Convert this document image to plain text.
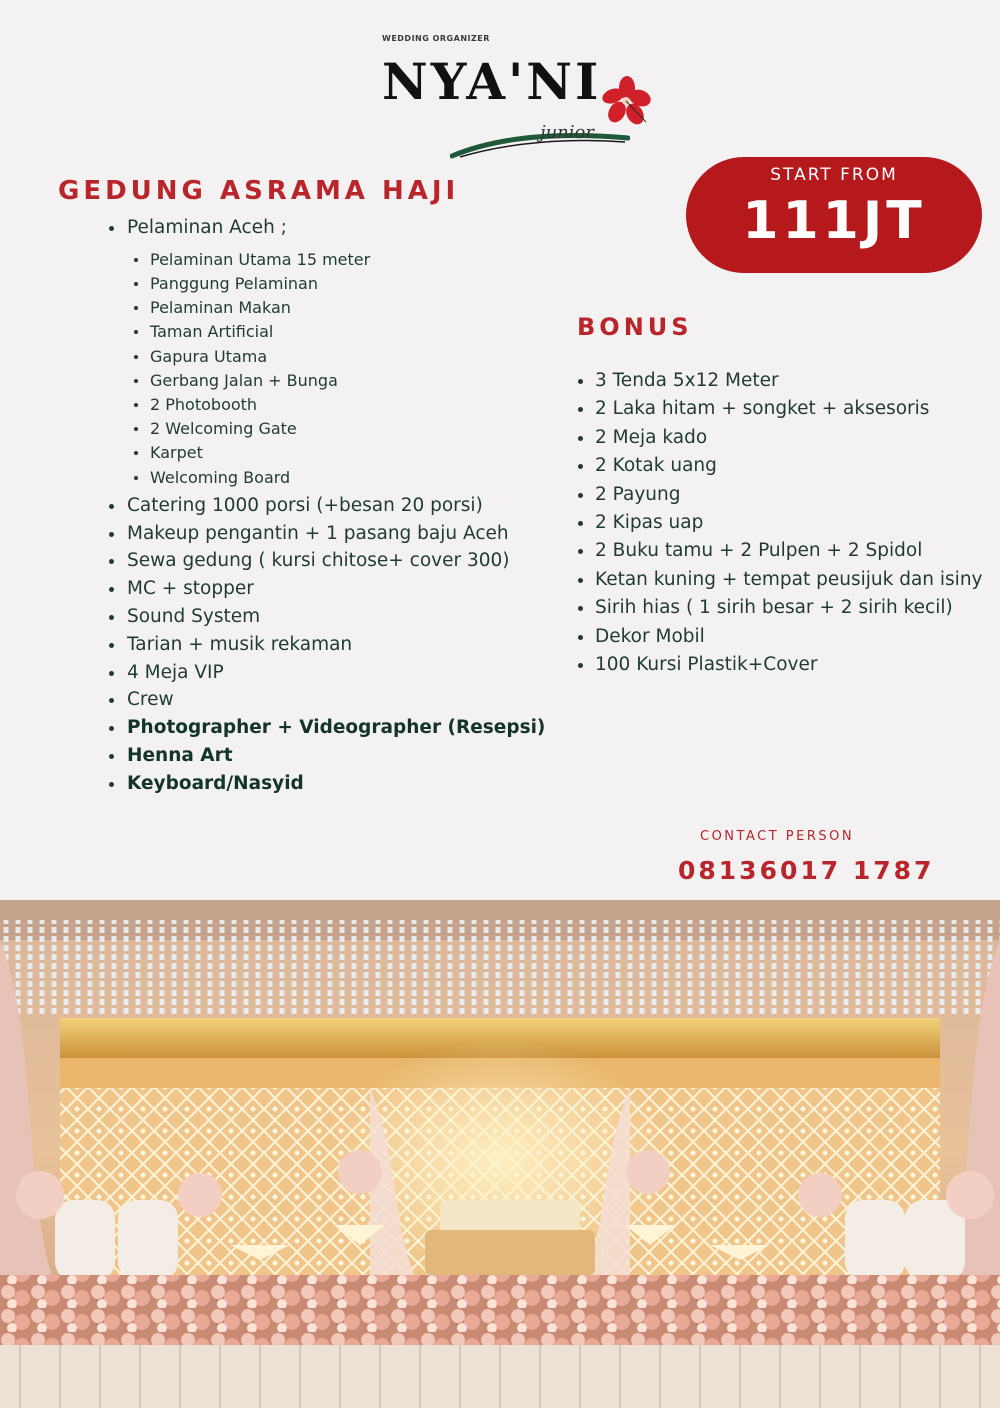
WEDDING ORGANIZER
NYA'NI
junior
GEDUNG ASRAMA HAJI
START FROM
111JT
Pelaminan Aceh ;
Pelaminan Utama 15 meter
Panggung Pelaminan
Pelaminan Makan
Taman Artificial
Gapura Utama
Gerbang Jalan + Bunga
2 Photobooth
2 Welcoming Gate
Karpet
Welcoming Board
Catering 1000 porsi (+besan 20 porsi)
Makeup pengantin + 1 pasang baju Aceh
Sewa gedung ( kursi chitose+ cover 300)
MC + stopper
Sound System
Tarian + musik rekaman
4 Meja VIP
Crew
Photographer + Videographer (Resepsi)
Henna Art
Keyboard/Nasyid
BONUS
3 Tenda 5x12 Meter
2 Laka hitam + songket + aksesoris
2 Meja kado
2 Kotak uang
2 Payung
2 Kipas uap
2 Buku tamu + 2 Pulpen + 2 Spidol
Ketan kuning + tempat peusijuk dan isiny
Sirih hias ( 1 sirih besar + 2 sirih kecil)
Dekor Mobil
100 Kursi Plastik+Cover
CONTACT PERSON
08136017 1787
